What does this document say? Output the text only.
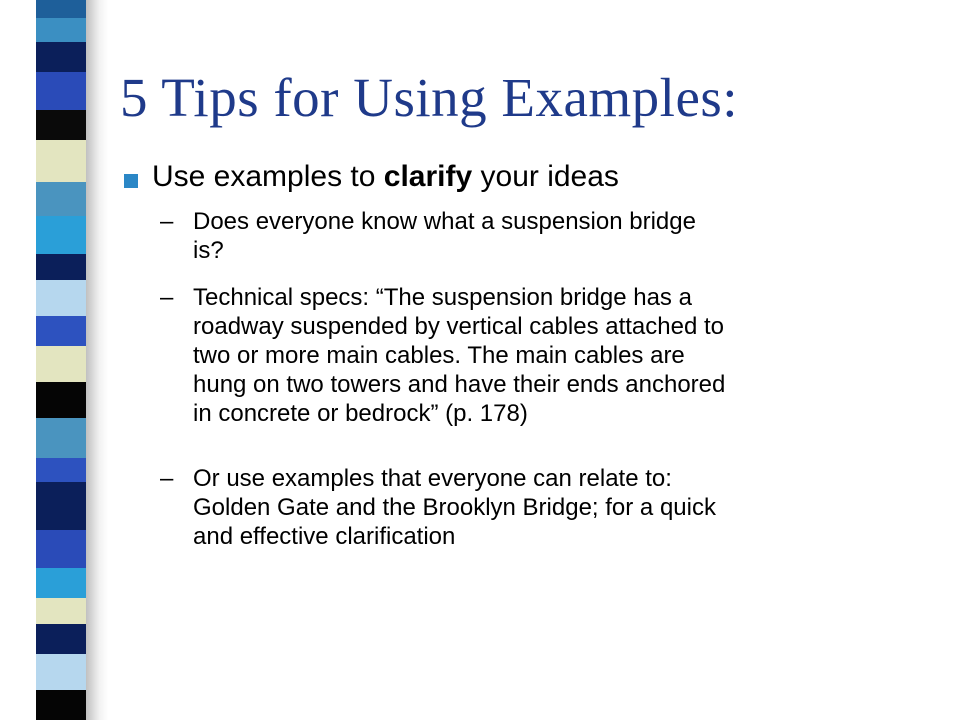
5 Tips for Using Examples:
Use examples to clarify your ideas
– Does everyone know what a suspension bridge
is?
– Technical specs: “The suspension bridge has a
roadway suspended by vertical cables attached to
two or more main cables. The main cables are
hung on two towers and have their ends anchored
in concrete or bedrock” (p. 178)
– Or use examples that everyone can relate to:
Golden Gate and the Brooklyn Bridge; for a quick
and effective clarification
